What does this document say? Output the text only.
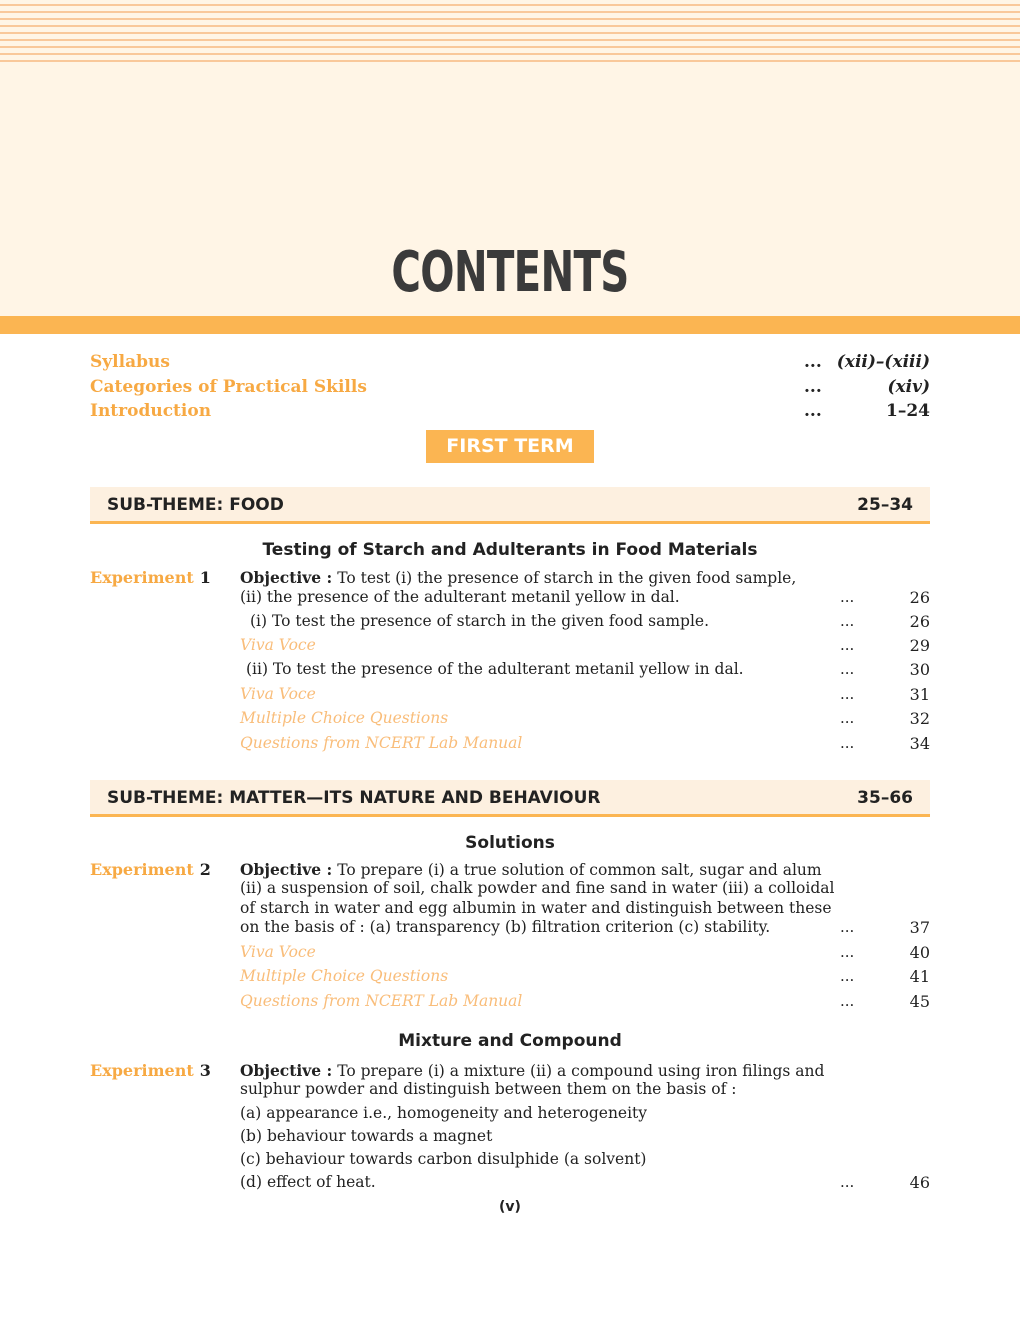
CONTENTS
Syllabus	... (xii)–(xiii)
Categories of Practical Skills	...	(xiv)
Introduction	...	1–24
FIRST TERM
SUB-THEME: FOOD	25–34
Testing of Starch and Adulterants in Food Materials
Experiment 1 Objective : To test (i) the presence of starch in the given food sample,
(ii) the presence of the adulterant metanil yellow in dal.	...	26
(i) To test the presence of starch in the given food sample.	...	26
Viva Voce	...	29
(ii) To test the presence of the adulterant metanil yellow in dal.	...	30
Viva Voce	...	31
Multiple Choice Questions	...	32
Questions from NCERT Lab Manual	...	34
SUB-THEME: MATTER—ITS NATURE AND BEHAVIOUR	35–66
Solutions
Experiment 2 Objective : To prepare (i) a true solution of common salt, sugar and alum
(ii) a suspension of soil, chalk powder and fine sand in water (iii) a colloidal
of starch in water and egg albumin in water and distinguish between these
on the basis of : (a) transparency (b) filtration criterion (c) stability.	...	37
Viva Voce	...	40
Multiple Choice Questions	...	41
Questions from NCERT Lab Manual	...	45
Mixture and Compound
Experiment 3 Objective : To prepare (i) a mixture (ii) a compound using iron filings and
sulphur powder and distinguish between them on the basis of :
(a) appearance i.e., homogeneity and heterogeneity
(b) behaviour towards a magnet
(c) behaviour towards carbon disulphide (a solvent)
(d) effect of heat.	...	46
(v)
